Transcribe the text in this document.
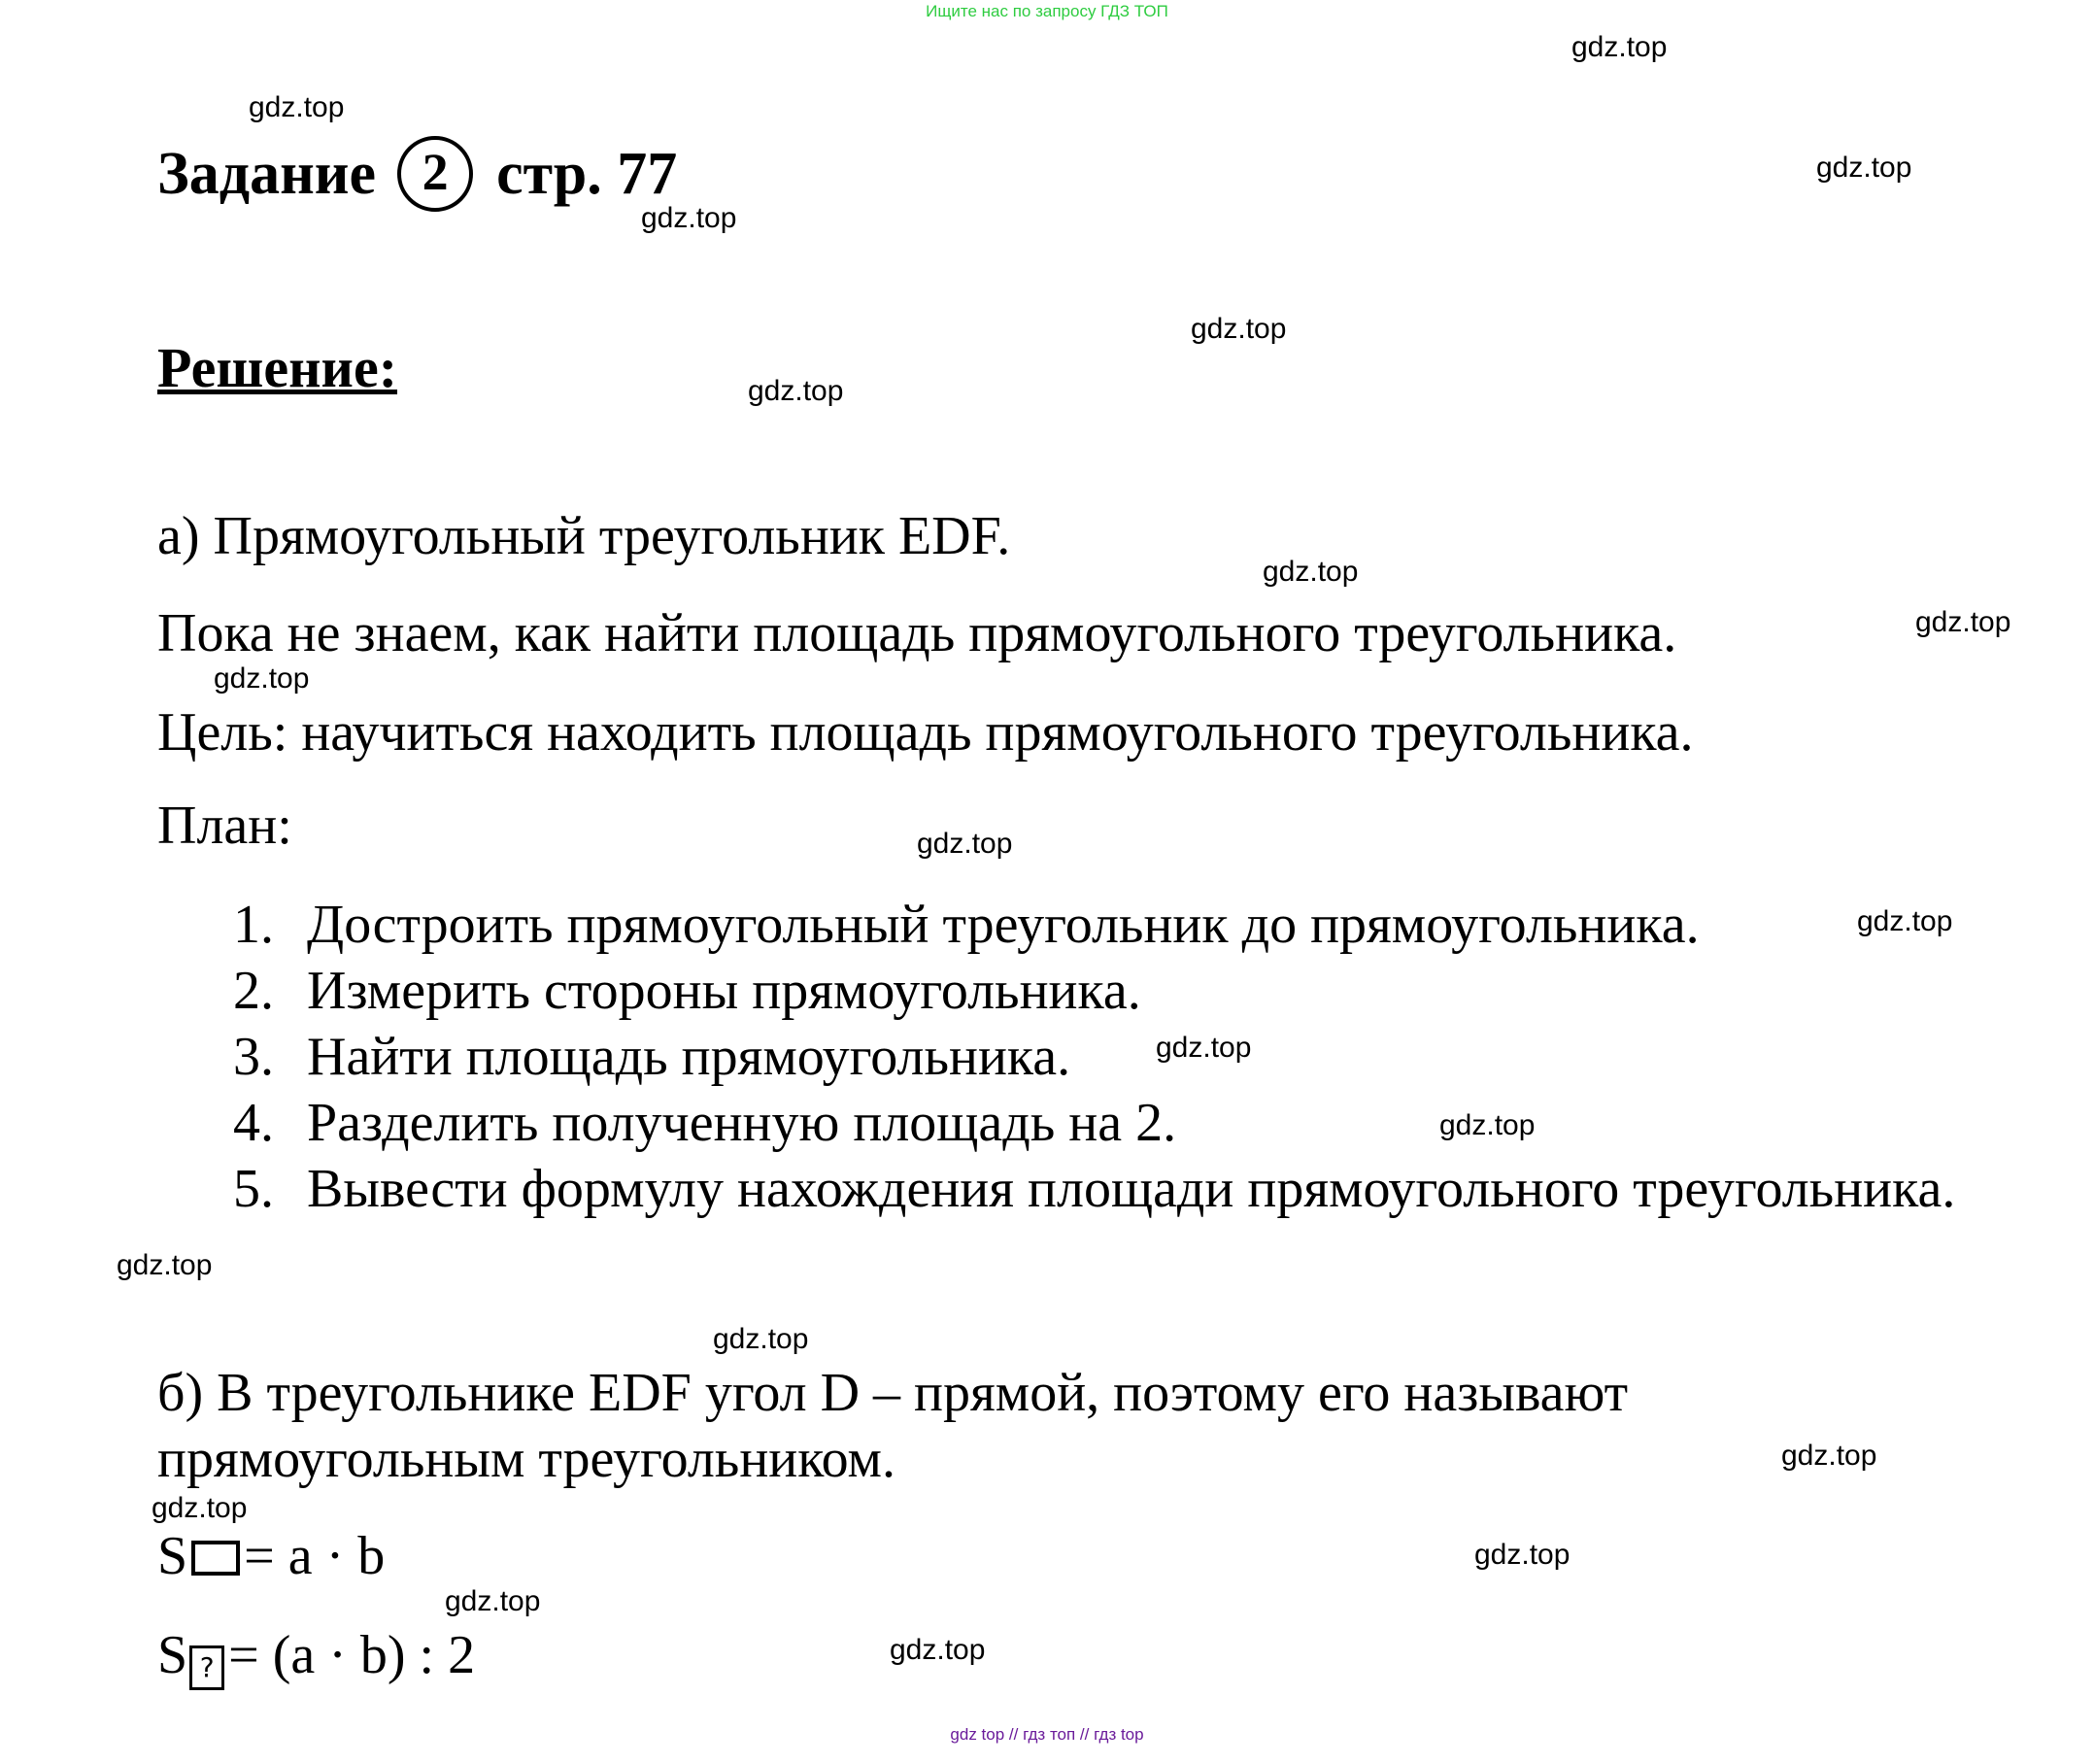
Ищите нас по запросу ГДЗ ТОП
gdz.top
gdz.top
gdz.top
gdz.top
gdz.top
gdz.top
gdz.top
gdz.top
gdz.top
gdz.top
gdz.top
gdz.top
gdz.top
gdz.top
gdz.top
gdz.top
gdz.top
gdz.top
gdz.top
gdz.top
Задание 2 стр. 77
Решение:
а) Прямоугольный треугольник EDF.
Пока не знаем, как найти площадь прямоугольного треугольника.
Цель: научиться находить площадь прямоугольного треугольника.
План:
1. Достроить прямоугольный треугольник до прямоугольника.
2. Измерить стороны прямоугольника.
3. Найти площадь прямоугольника.
4. Разделить полученную площадь на 2.
5. Вывести формулу нахождения площади прямоугольного треугольника.
б) В треугольнике EDF угол D – прямой, поэтому его называют
прямоугольным треугольником.
S = a · b
S ? = (a · b) : 2
gdz top // гдз топ // гдз top
